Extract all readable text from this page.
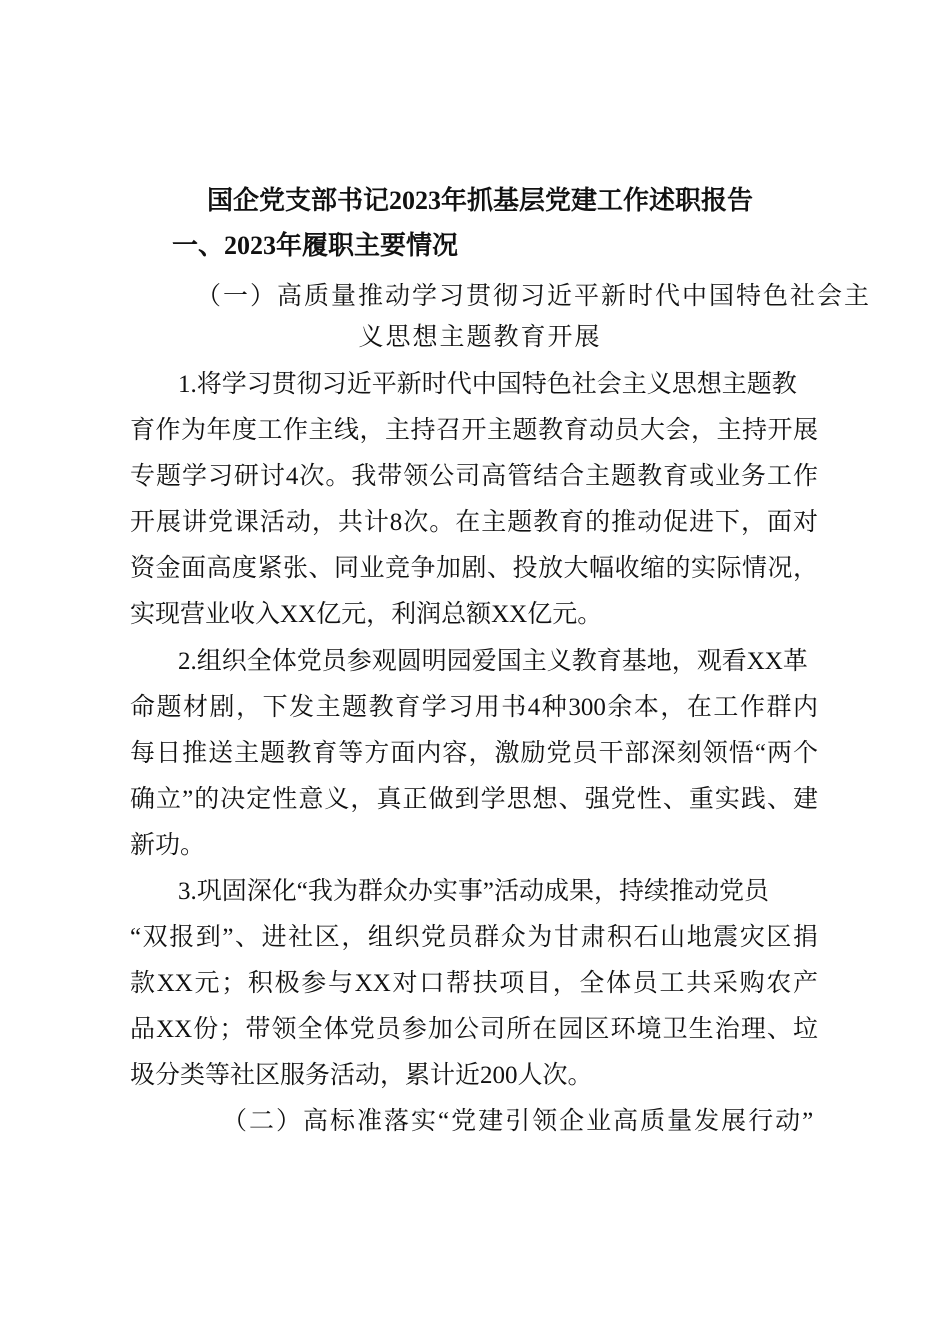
国企党支部书记2023年抓基层党建工作述职报告
一、2023年履职主要情况
（一）高质量推动学习贯彻习近平新时代中国特色社会主
义思想主题教育开展
1.将学习贯彻习近平新时代中国特色社会主义思想主题教
育作为年度工作主线，主持召开主题教育动员大会，主持开展
专题学习研讨4次。我带领公司高管结合主题教育或业务工作
开展讲党课活动，共计8次。在主题教育的推动促进下，面对
资金面高度紧张、同业竞争加剧、投放大幅收缩的实际情况，
实现营业收入XX亿元，利润总额XX亿元。
2.组织全体党员参观圆明园爱国主义教育基地，观看XX革
命题材剧，下发主题教育学习用书4种300余本，在工作群内
每日推送主题教育等方面内容，激励党员干部深刻领悟“两个
确立”的决定性意义，真正做到学思想、强党性、重实践、建
新功。
3.巩固深化“我为群众办实事”活动成果，持续推动党员
“双报到”、进社区，组织党员群众为甘肃积石山地震灾区捐
款XX元；积极参与XX对口帮扶项目，全体员工共采购农产
品XX份；带领全体党员参加公司所在园区环境卫生治理、垃
圾分类等社区服务活动，累计近200人次。
（二）高标准落实“党建引领企业高质量发展行动”
